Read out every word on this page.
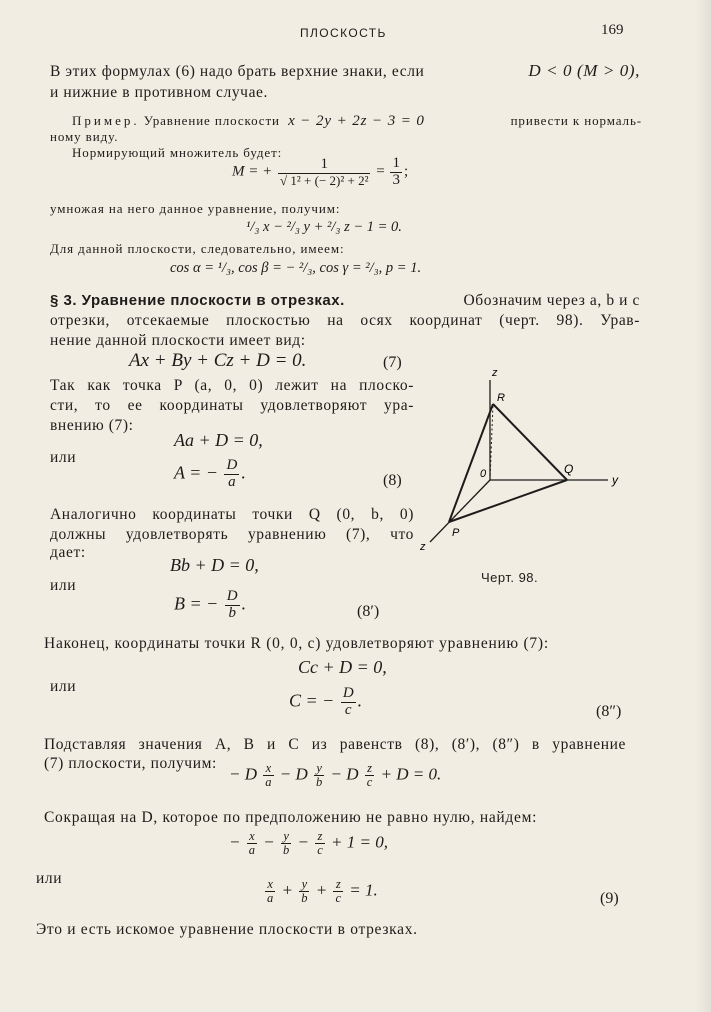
ПЛОСКОСТЬ	169
В этих формулах (6) надо брать верхние знаки, если	D < 0 (M > 0),
и нижние в противном случае.
Пример. Уравнение плоскости x − 2y + 2z − 3 = 0	привести к нормаль-
ному виду.
Нормирующий множитель будет:
M = + $\frac{1}{\text{√ 1² + (− 2)² + 2²}} = \frac{1}{3}$ ;
умножая на него данное уравнение, получим:
¹/₃ x − ²/₃ y + ²/₃ z − 1 = 0.
Для данной плоскости, следовательно, имеем:
cos α = ¹/₃, cos β = − ²/₃, cos γ = ²/₃, p = 1.
§ 3. Уравнение плоскости в отрезках.	Обозначим через a, b и c
отрезки, отсекаемые плоскостью на осях координат (черт. 98). Урав-
нение данной плоскости имеет вид:
Ax + By + Cz + D = 0.	(7)
Так как точка P (a, 0, 0) лежит на плоско-
сти, то ее координаты удовлетворяют ура-
внению (7):
Aa + D = 0,
или
A = − $\frac{D}{a}$ .	(8)
Аналогично координаты точки Q (0, b, 0)
должны удовлетворять уравнению (7), что
дает:
Bb + D = 0,
или
B = − $\frac{D}{b}$ .	(8′)
Наконец, координаты точки R (0, 0, c) удовлетворяют уравнению (7):
Cc + D = 0,
или
C = − $\frac{D}{c}$ .
(8″)
Подставляя значения A, B и C из равенств (8), (8′), (8″) в уравнение
(7) плоскости, получим:
− D $\frac{x}{a} - D \frac{y}{b} - D \frac{z}{c} + D = 0$.
Сокращая на D, которое по предположению не равно нулю, найдем:
− $\frac{x}{a} - \frac{y}{b} - \frac{z}{c} + 1 = 0$,
или	$\frac{x}{a} + \frac{y}{b} + \frac{z}{c} = 1$.	(9)
Это и есть искомое уравнение плоскости в отрезках.
z
y
z
0	Q
R
P
Черт. 98.
